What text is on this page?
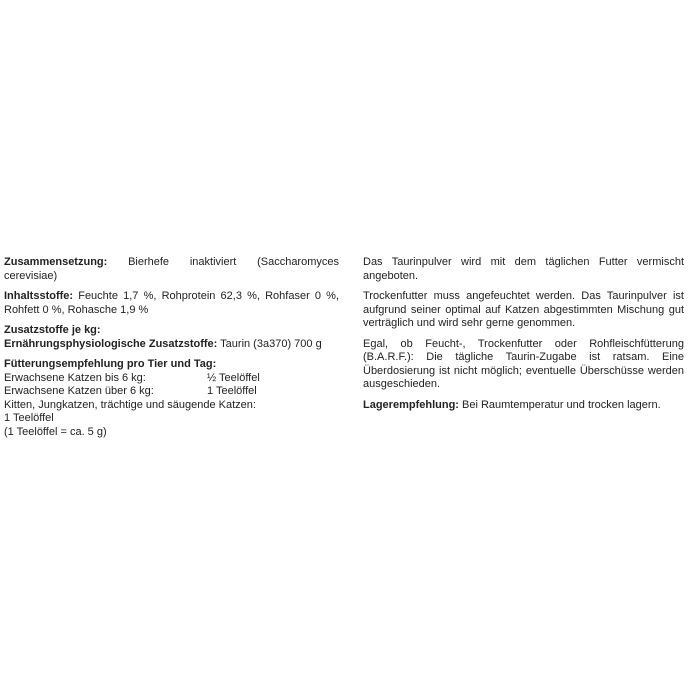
Zusammensetzung: Bierhefe inaktiviert (Saccharomyces cerevisiae)

Inhaltsstoffe: Feuchte 1,7 %, Rohprotein 62,3 %, Rohfaser 0 %, Rohfett 0 %, Rohasche 1,9 %

Zusatzstoffe je kg:

Ernährungsphysiologische Zusatzstoffe: Taurin (3a370) 700 g

Fütterungsempfehlung pro Tier und Tag:

Erwachsene Katzen bis 6 kg:	½ Teelöffel
Erwachsene Katzen über 6 kg:	1 Teelöffel
Kitten, Jungkatzen, trächtige und säugende Katzen:
1 Teelöffel
(1 Teelöffel = ca. 5 g)

Das Taurinpulver wird mit dem täglichen Futter vermischt angeboten.

Trockenfutter muss angefeuchtet werden. Das Taurinpulver ist aufgrund seiner optimal auf Katzen abgestimmten Mischung gut verträglich und wird sehr gerne genommen.

Egal, ob Feucht-, Trockenfutter oder Rohfleischfütterung (B.A.R.F.): Die tägliche Taurin-Zugabe ist ratsam. Eine Überdosierung ist nicht möglich; eventuelle Überschüsse werden ausgeschieden.

Lagerempfehlung: Bei Raumtemperatur und trocken lagern.
